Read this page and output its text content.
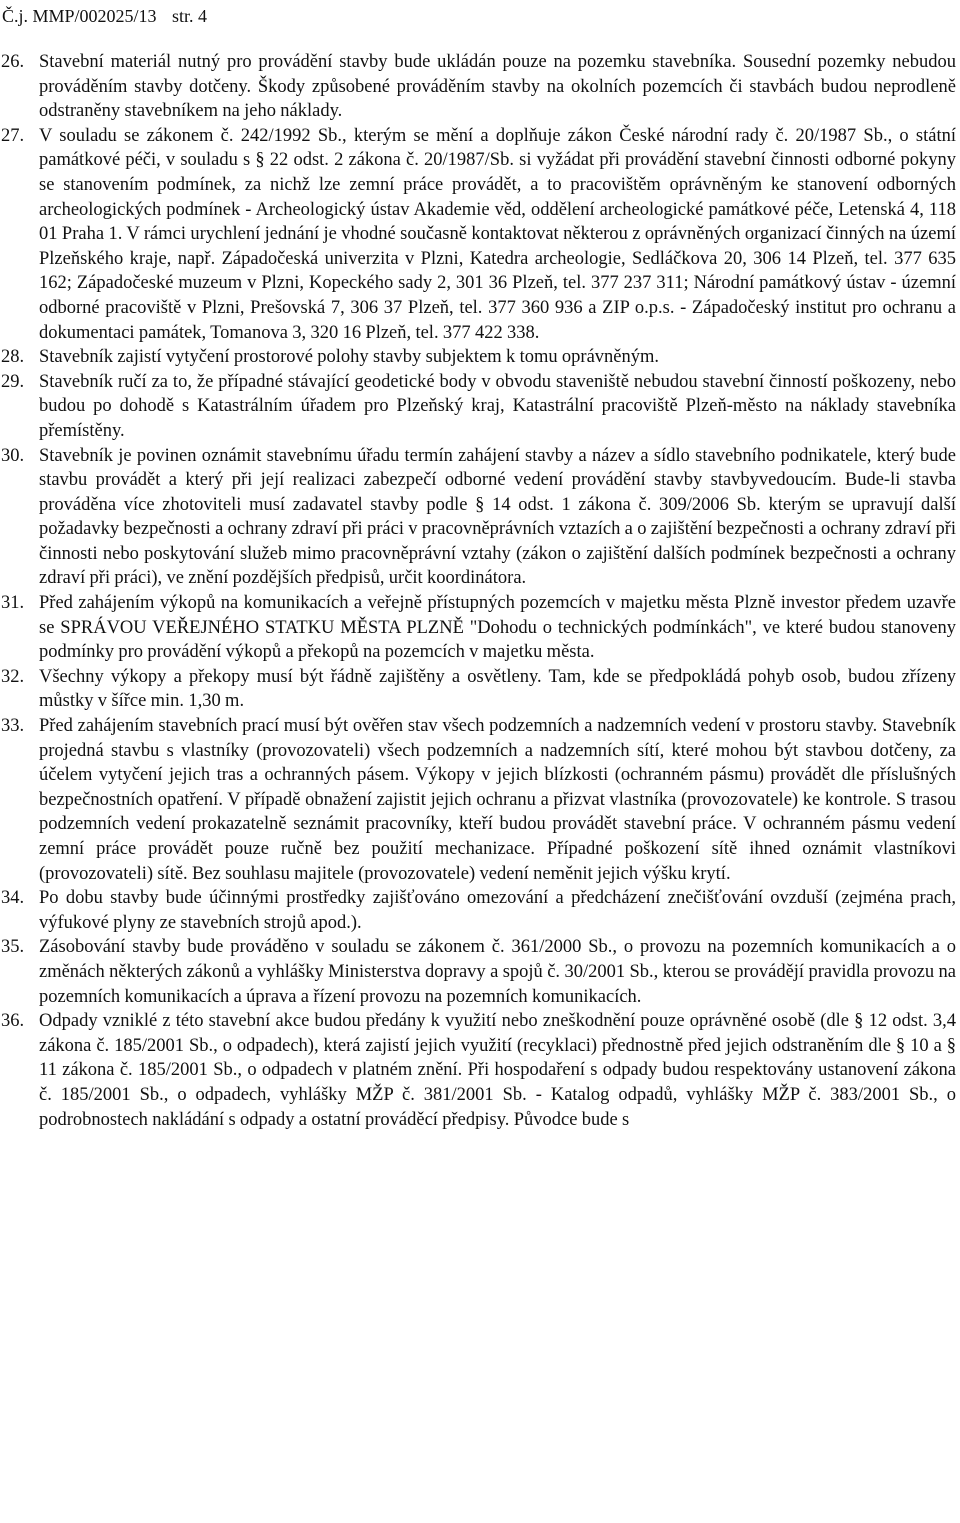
Č.j. MMP/002025/13 str. 4
26. Stavební materiál nutný pro provádění stavby bude ukládán pouze na pozemku stavebníka. Sousední pozemky nebudou prováděním stavby dotčeny. Škody způsobené prováděním stavby na okolních pozemcích či stavbách budou neprodleně odstraněny stavebníkem na jeho náklady.
27. V souladu se zákonem č. 242/1992 Sb., kterým se mění a doplňuje zákon České národní rady č. 20/1987 Sb., o státní památkové péči, v souladu s § 22 odst. 2 zákona č. 20/1987/Sb. si vyžádat při provádění stavební činnosti odborné pokyny se stanovením podmínek, za nichž lze zemní práce provádět, a to pracovištěm oprávněným ke stanovení odborných archeologických podmínek - Archeologický ústav Akademie věd, oddělení archeologické památkové péče, Letenská 4, 118 01 Praha 1. V rámci urychlení jednání je vhodné současně kontaktovat některou z oprávněných organizací činných na území Plzeňského kraje, např. Západočeská univerzita v Plzni, Katedra archeologie, Sedláčkova 20, 306 14 Plzeň, tel. 377 635 162; Západočeské muzeum v Plzni, Kopeckého sady 2, 301 36 Plzeň, tel. 377 237 311; Národní památkový ústav - územní odborné pracoviště v Plzni, Prešovská 7, 306 37 Plzeň, tel. 377 360 936 a ZIP o.p.s. - Západočeský institut pro ochranu a dokumentaci památek, Tomanova 3, 320 16 Plzeň, tel. 377 422 338.
28. Stavebník zajistí vytyčení prostorové polohy stavby subjektem k tomu oprávněným.
29. Stavebník ručí za to, že případné stávající geodetické body v obvodu staveniště nebudou stavební činností poškozeny, nebo budou po dohodě s Katastrálním úřadem pro Plzeňský kraj, Katastrální pracoviště Plzeň-město na náklady stavebníka přemístěny.
30. Stavebník je povinen oznámit stavebnímu úřadu termín zahájení stavby a název a sídlo stavebního podnikatele, který bude stavbu provádět a který při její realizaci zabezpečí odborné vedení provádění stavby stavbyvedoucím. Bude-li stavba prováděna více zhotoviteli musí zadavatel stavby podle § 14 odst. 1 zákona č. 309/2006 Sb. kterým se upravují další požadavky bezpečnosti a ochrany zdraví při práci v pracovněprávních vztazích a o zajištění bezpečnosti a ochrany zdraví při činnosti nebo poskytování služeb mimo pracovněprávní vztahy (zákon o zajištění dalších podmínek bezpečnosti a ochrany zdraví při práci), ve znění pozdějších předpisů, určit koordinátora.
31. Před zahájením výkopů na komunikacích a veřejně přístupných pozemcích v majetku města Plzně investor předem uzavře se SPRÁVOU VEŘEJNÉHO STATKU MĚSTA PLZNĚ "Dohodu o technických podmínkách", ve které budou stanoveny podmínky pro provádění výkopů a překopů na pozemcích v majetku města.
32. Všechny výkopy a překopy musí být řádně zajištěny a osvětleny. Tam, kde se předpokládá pohyb osob, budou zřízeny můstky v šířce min. 1,30 m.
33. Před zahájením stavebních prací musí být ověřen stav všech podzemních a nadzemních vedení v prostoru stavby. Stavebník projedná stavbu s vlastníky (provozovateli) všech podzemních a nadzemních sítí, které mohou být stavbou dotčeny, za účelem vytyčení jejich tras a ochranných pásem. Výkopy v jejich blízkosti (ochranném pásmu) provádět dle příslušných bezpečnostních opatření. V případě obnažení zajistit jejich ochranu a přizvat vlastníka (provozovatele) ke kontrole. S trasou podzemních vedení prokazatelně seznámit pracovníky, kteří budou provádět stavební práce. V ochranném pásmu vedení zemní práce provádět pouze ručně bez použití mechanizace. Případné poškození sítě ihned oznámit vlastníkovi (provozovateli) sítě. Bez souhlasu majitele (provozovatele) vedení neměnit jejich výšku krytí.
34. Po dobu stavby bude účinnými prostředky zajišťováno omezování a předcházení znečišťování ovzduší (zejména prach, výfukové plyny ze stavebních strojů apod.).
35. Zásobování stavby bude prováděno v souladu se zákonem č. 361/2000 Sb., o provozu na pozemních komunikacích a o změnách některých zákonů a vyhlášky Ministerstva dopravy a spojů č. 30/2001 Sb., kterou se provádějí pravidla provozu na pozemních komunikacích a úprava a řízení provozu na pozemních komunikacích.
36. Odpady vzniklé z této stavební akce budou předány k využití nebo zneškodnění pouze oprávněné osobě (dle § 12 odst. 3,4 zákona č. 185/2001 Sb., o odpadech), která zajistí jejich využití (recyklaci) přednostně před jejich odstraněním dle § 10 a § 11 zákona č. 185/2001 Sb., o odpadech v platném znění. Při hospodaření s odpady budou respektovány ustanovení zákona č. 185/2001 Sb., o odpadech, vyhlášky MŽP č. 381/2001 Sb. - Katalog odpadů, vyhlášky MŽP č. 383/2001 Sb., o podrobnostech nakládání s odpady a ostatní prováděcí předpisy. Původce bude s
